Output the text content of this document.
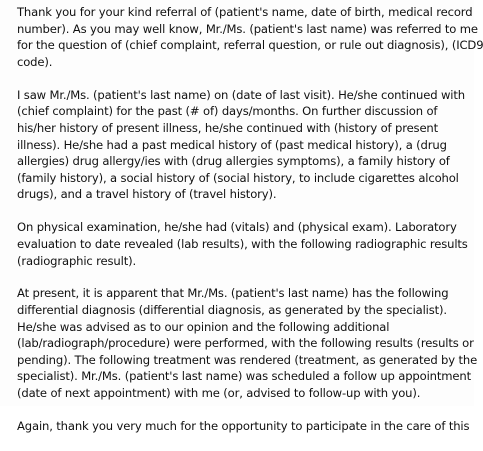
Thank you for your kind referral of (patient's name, date of birth, medical record
number). As you may well know, Mr./Ms. (patient's last name) was referred to me
for the question of (chief complaint, referral question, or rule out diagnosis), (ICD9
code).

I saw Mr./Ms. (patient's last name) on (date of last visit). He/she continued with
(chief complaint) for the past (# of) days/months. On further discussion of
his/her history of present illness, he/she continued with (history of present
illness). He/she had a past medical history of (past medical history), a (drug
allergies) drug allergy/ies with (drug allergies symptoms), a family history of
(family history), a social history of (social history, to include cigarettes alcohol
drugs), and a travel history of (travel history).

On physical examination, he/she had (vitals) and (physical exam). Laboratory
evaluation to date revealed (lab results), with the following radiographic results
(radiographic result).

At present, it is apparent that Mr./Ms. (patient's last name) has the following
differential diagnosis (differential diagnosis, as generated by the specialist).
He/she was advised as to our opinion and the following additional
(lab/radiograph/procedure) were performed, with the following results (results or
pending). The following treatment was rendered (treatment, as generated by the
specialist). Mr./Ms. (patient's last name) was scheduled a follow up appointment
(date of next appointment) with me (or, advised to follow-up with you).

Again, thank you very much for the opportunity to participate in the care of this
